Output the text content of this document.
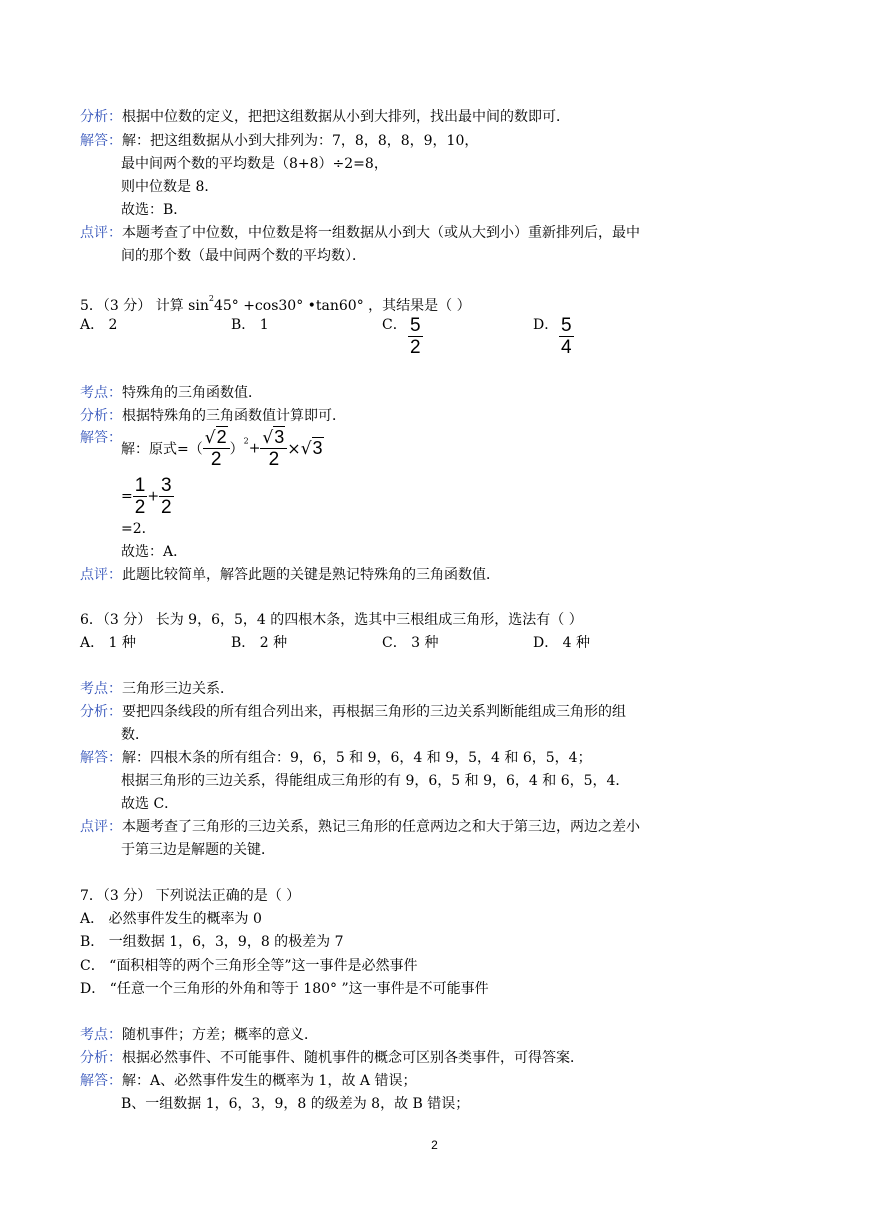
分析：根据中位数的定义，把把这组数据从小到大排列，找出最中间的数即可．
解答：解：把这组数据从小到大排列为：7，8，8，8，9，10，
最中间两个数的平均数是（8+8）÷2=8，
则中位数是 8．
故选：B．
点评：本题考查了中位数，中位数是将一组数据从小到大（或从大到小）重新排列后，最中
间的那个数（最中间两个数的平均数）．
5．（3 分） 计算 $\sin^245^\circ +\cos 30^\circ$ •tan60° ，其结果是（ ）
A． 2	B． 1	C． $\frac{5}{2}$	D． $\frac{5}{4}$
考点：特殊角的三角函数值．
分析：根据特殊角的三角函数值计算即可．
解答：
解：原式=（ $\frac{√2}{2} )^2+ \frac{√3}{2} \times√3$
= $\frac{1}{2} + \frac{3}{2}$
=2．
故选：A．
点评：此题比较简单，解答此题的关键是熟记特殊角的三角函数值．
6．（3 分） 长为 9，6，5，4 的四根木条，选其中三根组成三角形，选法有（ ）
A． 1 种	B． 2 种	C． 3 种	D． 4 种
考点：三角形三边关系．
分析：要把四条线段的所有组合列出来，再根据三角形的三边关系判断能组成三角形的组
数．
解答：解：四根木条的所有组合：9，6，5 和 9，6，4 和 9，5，4 和 6，5，4；
根据三角形的三边关系，得能组成三角形的有 9，6，5 和 9，6，4 和 6，5，4．
故选 C．
点评：本题考查了三角形的三边关系，熟记三角形的任意两边之和大于第三边，两边之差小
于第三边是解题的关键．
7．（3 分） 下列说法正确的是（ ）
A． 必然事件发生的概率为 0
B． 一组数据 1，6，3，9，8 的极差为 7
C． “面积相等的两个三角形全等”这一事件是必然事件
D． “任意一个三角形的外角和等于 180° ”这一事件是不可能事件
考点：随机事件；方差；概率的意义．
分析：根据必然事件、不可能事件、随机事件的概念可区别各类事件，可得答案．
解答：解：A、必然事件发生的概率为 1，故 A 错误；
B、一组数据 1，6，3，9，8 的级差为 8，故 B 错误；
2
